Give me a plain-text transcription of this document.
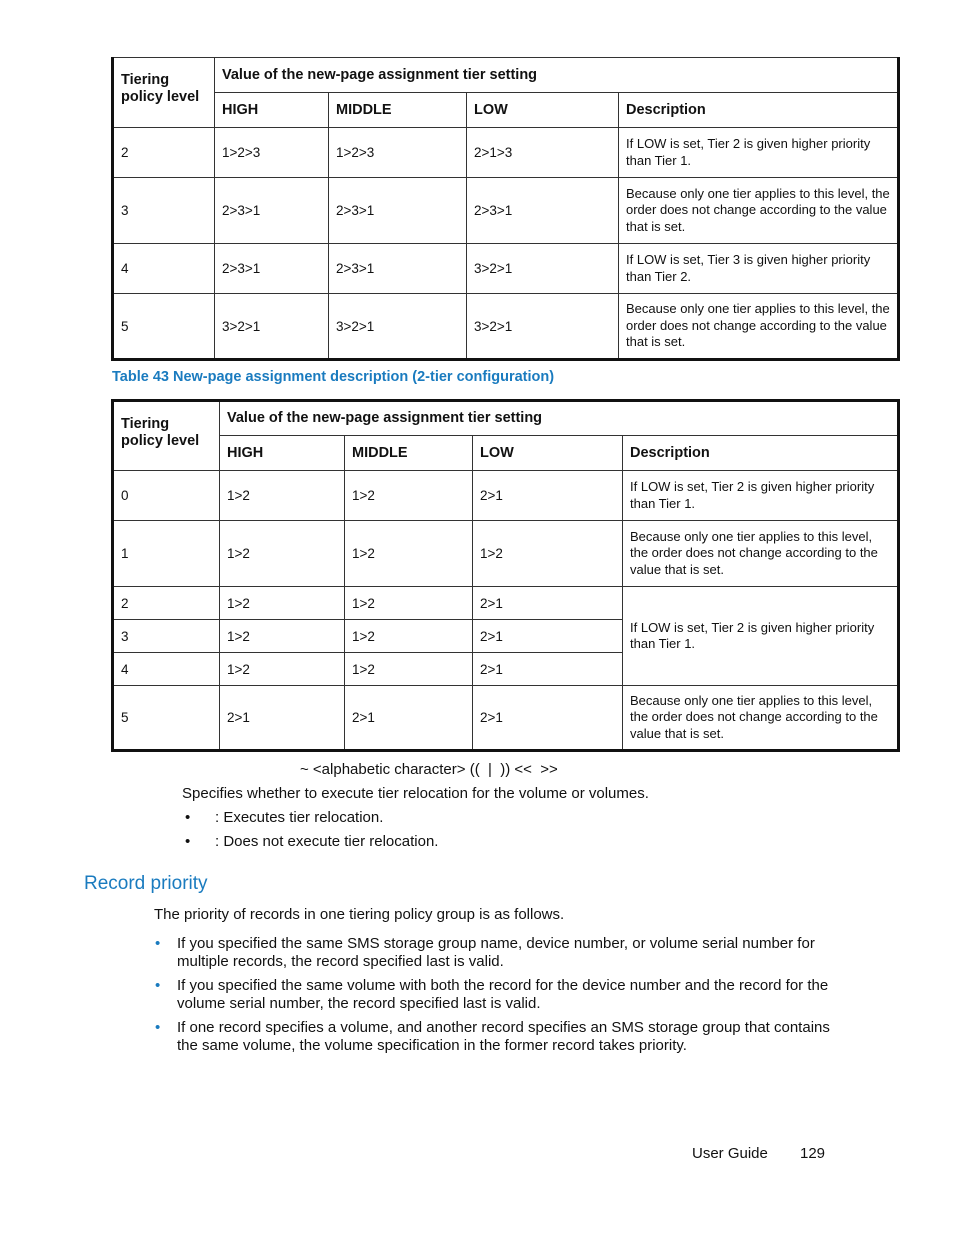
Tiering policy level	Value of the new-page assignment tier setting			
	HIGH	MIDDLE	LOW	Description
2	1>2>3	1>2>3	2>1>3	If LOW is set, Tier 2 is given higher priority than Tier 1.
3	2>3>1	2>3>1	2>3>1	Because only one tier applies to this level, the order does not change according to the value that is set.
4	2>3>1	2>3>1	3>2>1	If LOW is set, Tier 3 is given higher priority than Tier 2.
5	3>2>1	3>2>1	3>2>1	Because only one tier applies to this level, the order does not change according to the value that is set.
Table 43 New-page assignment description (2-tier configuration)
Tiering policy level	Value of the new-page assignment tier setting			
	HIGH	MIDDLE	LOW	Description
0	1>2	1>2	2>1	If LOW is set, Tier 2 is given higher priority than Tier 1.
1	1>2	1>2	1>2	Because only one tier applies to this level, the order does not change according to the value that is set.
2	1>2	1>2	2>1	If LOW is set, Tier 2 is given higher priority than Tier 1.
3	1>2	1>2	2>1	
4	1>2	1>2	2>1	
5	2>1	2>1	2>1	Because only one tier applies to this level, the order does not change according to the value that is set.
~ <alphabetic character> ((  |  )) <<  >>
Specifies whether to execute tier relocation for the volume or volumes.
• : Executes tier relocation.
• : Does not execute tier relocation.
Record priority
The priority of records in one tiering policy group is as follows.
• If you specified the same SMS storage group name, device number, or volume serial number for multiple records, the record specified last is valid.
• If you specified the same volume with both the record for the device number and the record for the volume serial number, the record specified last is valid.
• If one record specifies a volume, and another record specifies an SMS storage group that contains the same volume, the volume specification in the former record takes priority.
User Guide 129
